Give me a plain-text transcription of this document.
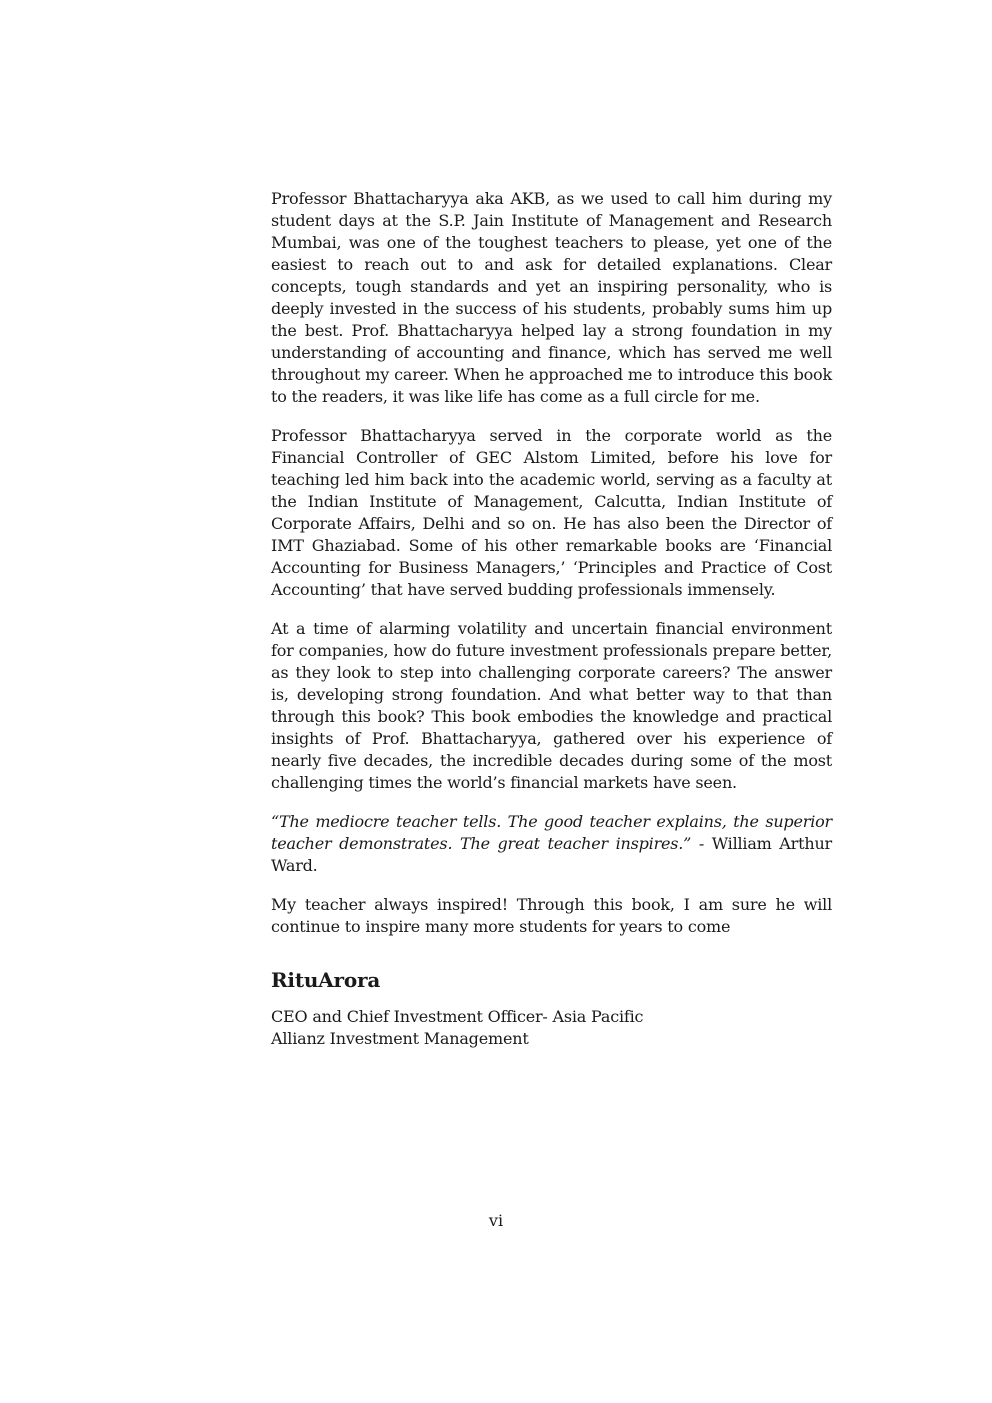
Professor Bhattacharyya aka AKB, as we used to call him during my student days at the S.P. Jain Institute of Management and Research Mumbai, was one of the toughest teachers to please, yet one of the easiest to reach out to and ask for detailed explanations. Clear concepts, tough standards and yet an inspiring personality, who is deeply invested in the success of his students, probably sums him up the best. Prof. Bhattacharyya helped lay a strong foundation in my understanding of accounting and finance, which has served me well throughout my career. When he approached me to introduce this book to the readers, it was like life has come as a full circle for me.

Professor Bhattacharyya served in the corporate world as the Financial Controller of GEC Alstom Limited, before his love for teaching led him back into the academic world, serving as a faculty at the Indian Institute of Management, Calcutta, Indian Institute of Corporate Affairs, Delhi and so on. He has also been the Director of IMT Ghaziabad. Some of his other remarkable books are ‘Financial Accounting for Business Managers,’ ‘Principles and Practice of Cost Accounting’ that have served budding professionals immensely.

At a time of alarming volatility and uncertain financial environment for companies, how do future investment professionals prepare better, as they look to step into challenging corporate careers? The answer is, developing strong foundation. And what better way to that than through this book? This book embodies the knowledge and practical insights of Prof. Bhattacharyya, gathered over his experience of nearly five decades, the incredible decades during some of the most challenging times the world’s financial markets have seen.

“The mediocre teacher tells. The good teacher explains, the superior teacher demonstrates. The great teacher inspires.” - William Arthur Ward.

My teacher always inspired! Through this book, I am sure he will continue to inspire many more students for years to come

RituArora
CEO and Chief Investment Officer- Asia Pacific
Allianz Investment Management
vi
